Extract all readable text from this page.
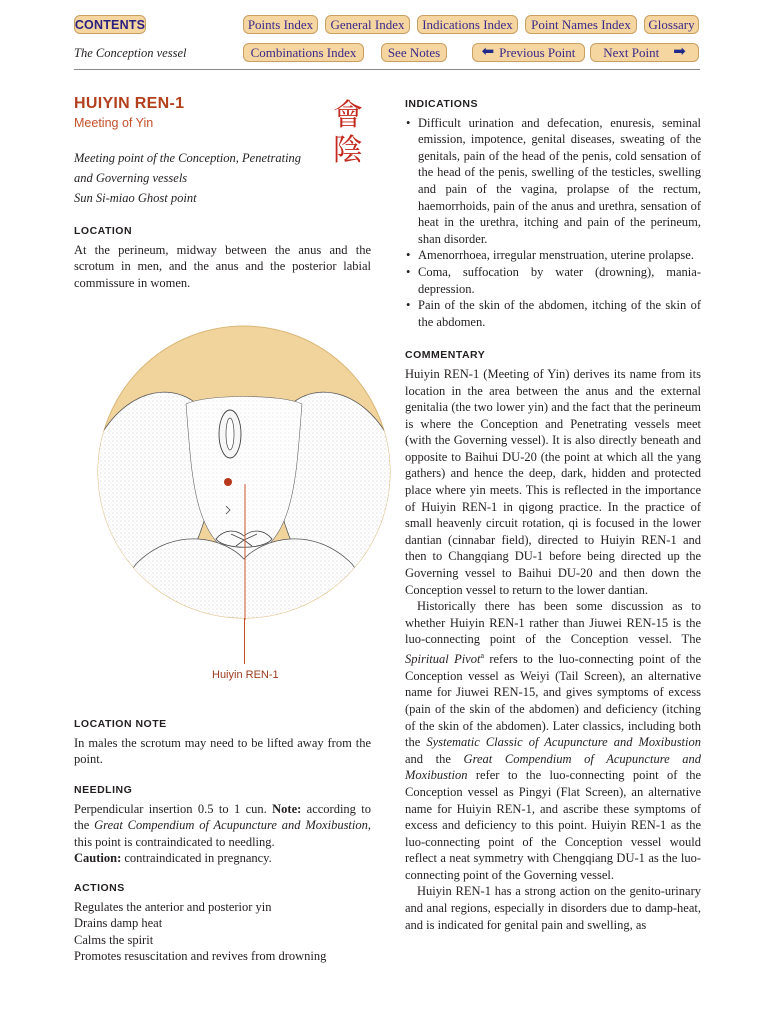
CONTENTS	Points Index	General Index	Indications Index	Point Names Index	Glossary
The Conception vessel	Combinations Index	See Notes	⬅ Previous Point Next Point ➡
會
陰
HUIYIN REN-1
Meeting of Yin
Meeting point of the Conception, Penetrating
and Governing vessels
Sun Si-miao Ghost point
LOCATION

At the perineum, midway between the anus and the scrotum in men, and the anus and the posterior labial commissure in women.

LOCATION NOTE

In males the scrotum may need to be lifted away from the point.

NEEDLING

Perpendicular insertion 0.5 to 1 cun. Note: according to the Great Compendium of Acupuncture and Moxibustion, this point is contraindicated to needling.

Caution: contraindicated in pregnancy.

ACTIONS
Regulates the anterior and posterior yin
Drains damp heat
Calms the spirit
Promotes resuscitation and revives from drowning
Huiyin REN-1
INDICATIONS
• Difficult urination and defecation, enuresis, seminal emission, impotence, genital diseases, sweating of the genitals, pain of the head of the penis, cold sensation of the head of the penis, swelling of the testicles, swelling and pain of the vagina, prolapse of the rectum, haemorrhoids, pain of the anus and urethra, sensation of heat in the urethra, itching and pain of the perineum, shan disorder.
• Amenorrhoea, irregular menstruation, uterine prolapse.
• Coma, suffocation by water (drowning), mania-depression.
• Pain of the skin of the abdomen, itching of the skin of the abdomen.
COMMENTARY

Huiyin REN-1 (Meeting of Yin) derives its name from its location in the area between the anus and the external genitalia (the two lower yin) and the fact that the perineum is where the Conception and Penetrating vessels meet (with the Governing vessel). It is also directly beneath and opposite to Baihui DU-20 (the point at which all the yang gathers) and hence the deep, dark, hidden and protected place where yin meets. This is reflected in the importance of Huiyin REN-1 in qigong practice. In the practice of small heavenly circuit rotation, qi is focused in the lower dantian (cinnabar field), directed to Huiyin REN-1 and then to Changqiang DU-1 before being directed up the Governing vessel to Baihui DU-20 and then down the Conception vessel to return to the lower dantian.

Historically there has been some discussion as to whether Huiyin REN-1 rather than Jiuwei REN-15 is the luo-connecting point of the Conception vessel. The Spiritual Pivot$^a$ refers to the luo-connecting point of the Conception vessel as Weiyi (Tail Screen), an alternative name for Jiuwei REN-15, and gives symptoms of excess (pain of the skin of the abdomen) and deficiency (itching of the skin of the abdomen). Later classics, including both the Systematic Classic of Acupuncture and Moxibustion and the Great Compendium of Acupuncture and Moxibustion refer to the luo-connecting point of the Conception vessel as Pingyi (Flat Screen), an alternative name for Huiyin REN-1, and ascribe these symptoms of excess and deficiency to this point. Huiyin REN-1 as the luo-connecting point of the Conception vessel would reflect a neat symmetry with Chengqiang DU-1 as the luo-connecting point of the Governing vessel.

Huiyin REN-1 has a strong action on the genito-urinary and anal regions, especially in disorders due to damp-heat, and is indicated for genital pain and swelling, as
